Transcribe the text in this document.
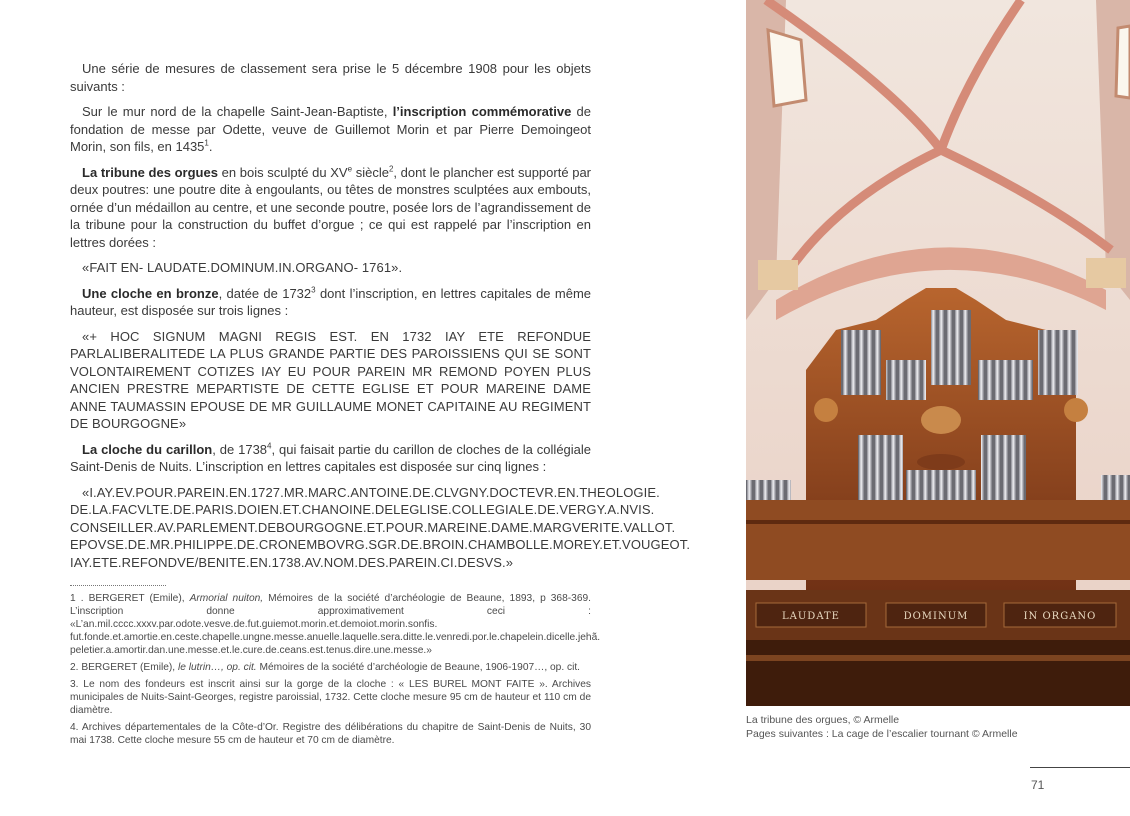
Une série de mesures de classement sera prise le 5 décembre 1908 pour les objets suivants :

Sur le mur nord de la chapelle Saint-Jean-Baptiste, l’inscription commémorative de fondation de messe par Odette, veuve de Guillemot Morin et par Pierre Demoingeot Morin, son fils, en 1435$^1$.

La tribune des orgues en bois sculpté du XVe siècle$^2$, dont le plancher est supporté par deux poutres: une poutre dite à engoulants, ou têtes de monstres sculptées aux embouts, ornée d’un médaillon au centre, et une seconde poutre, posée lors de l’agrandissement de la tribune pour la construction du buffet d’orgue ; ce qui est rappelé par l’inscription en lettres dorées :

«FAIT EN- LAUDATE.DOMINUM.IN.ORGANO- 1761».

Une cloche en bronze, datée de 1732$^3$ dont l’inscription, en lettres capitales de même hauteur, est disposée sur trois lignes :

«+ HOC SIGNUM MAGNI REGIS EST. EN 1732 IAY ETE REFONDUE PARLALIBERALITEDE LA PLUS GRANDE PARTIE DES PAROISSIENS QUI SE SONT VOLONTAIREMENT COTIZES IAY EU POUR PAREIN MR REMOND POYEN PLUS ANCIEN PRESTRE MEPARTISTE DE CETTE EGLISE ET POUR MAREINE DAME ANNE TAUMASSIN EPOUSE DE MR GUILLAUME MONET CAPITAINE AU REGIMENT DE BOURGOGNE»

La cloche du carillon, de 1738$^4$, qui faisait partie du carillon de cloches de la collégiale Saint-Denis de Nuits. L’inscription en lettres capitales est disposée sur cinq lignes :

«I.AY.EV.POUR.PAREIN.EN.1727.MR.MARC.ANTOINE.DE.CLVGNY.DOCTEVR.EN.THEOLOGIE. DE.LA.FACVLTE.DE.PARIS.DOIEN.ET.CHANOINE.DELEGLISE.COLLEGIALE.DE.VERGY.A.NVIS. CONSEILLER.AV.PARLEMENT.DEBOURGOGNE.ET.POUR.MAREINE.DAME.MARGVERITE.VALLOT. EPOVSE.DE.MR.PHILIPPE.DE.CRONEMBOVRG.SGR.DE.BROIN.CHAMBOLLE.MOREY.ET.VOUGEOT. IAY.ETE.REFONDVE/BENITE.EN.1738.AV.NOM.DES.PAREIN.CI.DESVS.»

1 . BERGERET (Emile), Armorial nuiton, Mémoires de la société d’archéologie de Beaune, 1893, p 368-369. L’inscription donne approximativement ceci : «L’an.mil.cccc.xxxv.par.odote.vesve.de.fut.guiemot.morin.et.demoiot.morin.sonfis. fut.fonde.et.amortie.en.ceste.chapelle.ungne.messe.anuelle.laquelle.sera.ditte.le.venredi.por.le.chapelein.dicelle.jehã. peletier.a.amortir.dan.une.messe.et.le.cure.de.ceans.est.tenus.dire.une.messe.»

2. BERGERET (Emile), le lutrin…, op. cit. Mémoires de la société d’archéologie de Beaune, 1906-1907…, op. cit.

3. Le nom des fondeurs est inscrit ainsi sur la gorge de la cloche : « LES BUREL MONT FAITE ». Archives municipales de Nuits-Saint-Georges, registre paroissial, 1732. Cette cloche mesure 95 cm de hauteur et 110 cm de diamètre.

4. Archives départementales de la Côte-d’Or. Registre des délibérations du chapitre de Saint-Denis de Nuits, 30 mai 1738. Cette cloche mesure 55 cm de hauteur et 70 cm de diamètre.

LAUDATE	DOMINUM	IN ORGANO
La tribune des orgues, © Armelle
Pages suivantes : La cage de l’escalier tournant © Armelle
71
